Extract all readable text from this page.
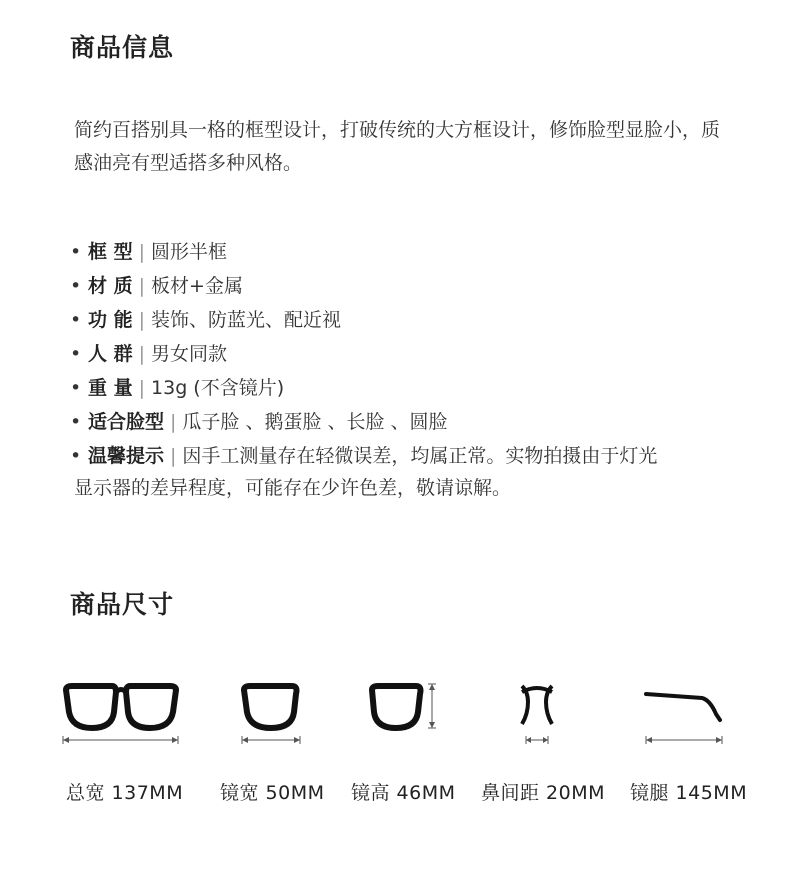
商品信息
简约百搭别具一格的框型设计，打破传统的大方框设计，修饰脸型显脸小，质感油亮有型适搭多种风格。
• 框 型 | 圆形半框
• 材 质 | 板材+金属
• 功 能 | 装饰、防蓝光、配近视
• 人 群 | 男女同款
• 重 量 | 13g (不含镜片)
• 适合脸型 | 瓜子脸 、鹅蛋脸 、长脸 、圆脸
• 温馨提示 | 因手工测量存在轻微误差，均属正常。实物拍摄由于灯光
显示器的差异程度，可能存在少许色差，敬请谅解。
商品尺寸
总宽 137MM 镜宽 50MM 镜高 46MM 鼻间距 20MM 镜腿 145MM
